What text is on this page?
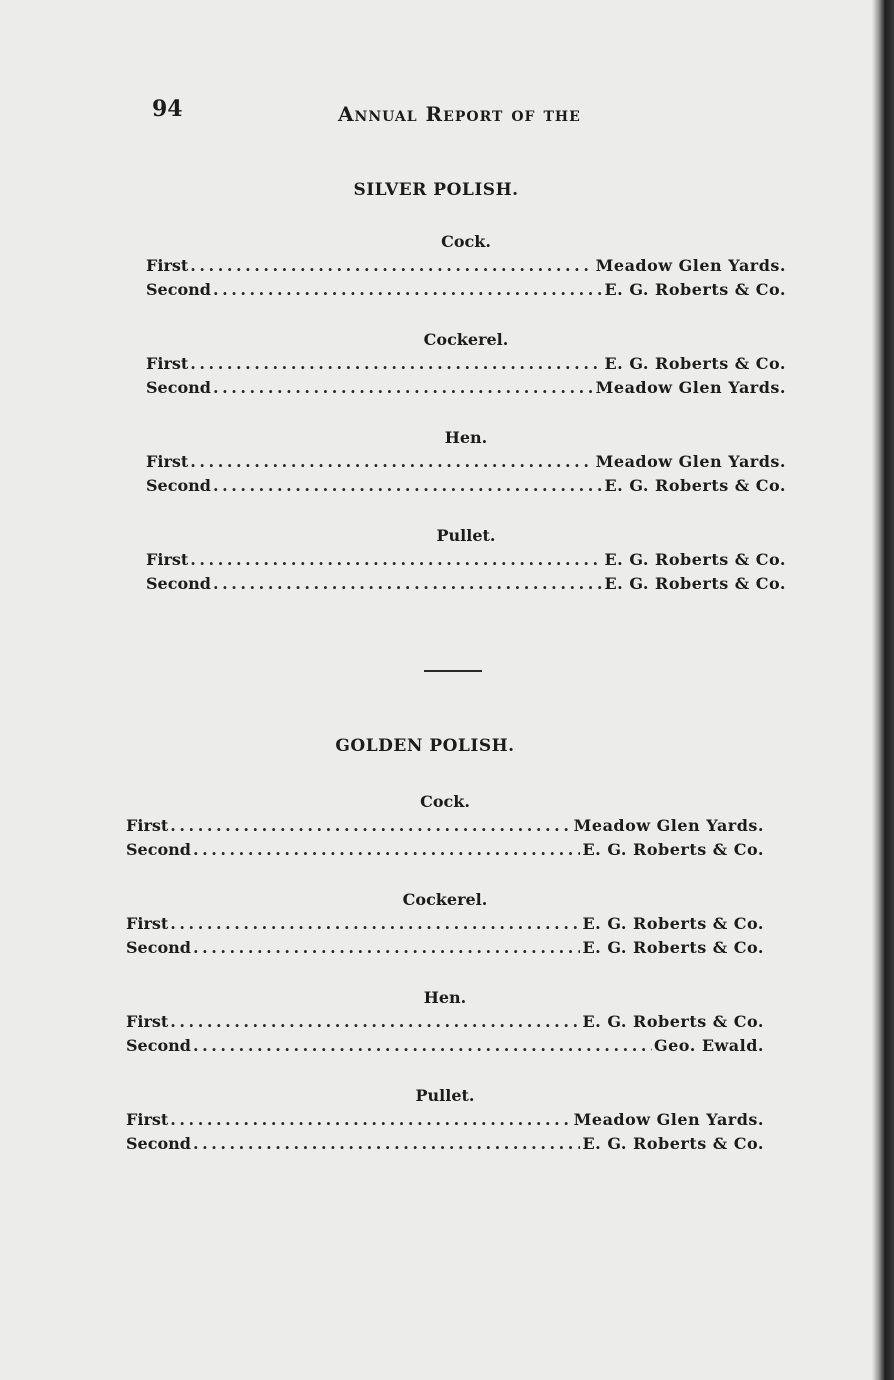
94	Annual Report of the
SILVER POLISH.
Cock.
First . . .	Meadow Glen Yards.
Second . . .	E. G. Roberts & Co.
Cockerel.
First . . .	E. G. Roberts & Co.
Second . . .	Meadow Glen Yards.
Hen.
First . . .	Meadow Glen Yards.
Second . . .	E. G. Roberts & Co.
Pullet.
First . . .	E. G. Roberts & Co.
Second . . .	E. G. Roberts & Co.
GOLDEN POLISH.
Cock.
First . . .	Meadow Glen Yards.
Second . . .	E. G. Roberts & Co.
Cockerel.
First . . .	E. G. Roberts & Co.
Second . . .	E. G. Roberts & Co.
Hen.
First . . .	E. G. Roberts & Co.
Second . . .	Geo. Ewald.
Pullet.
First . . .	Meadow Glen Yards.
Second . . .	E. G. Roberts & Co.
